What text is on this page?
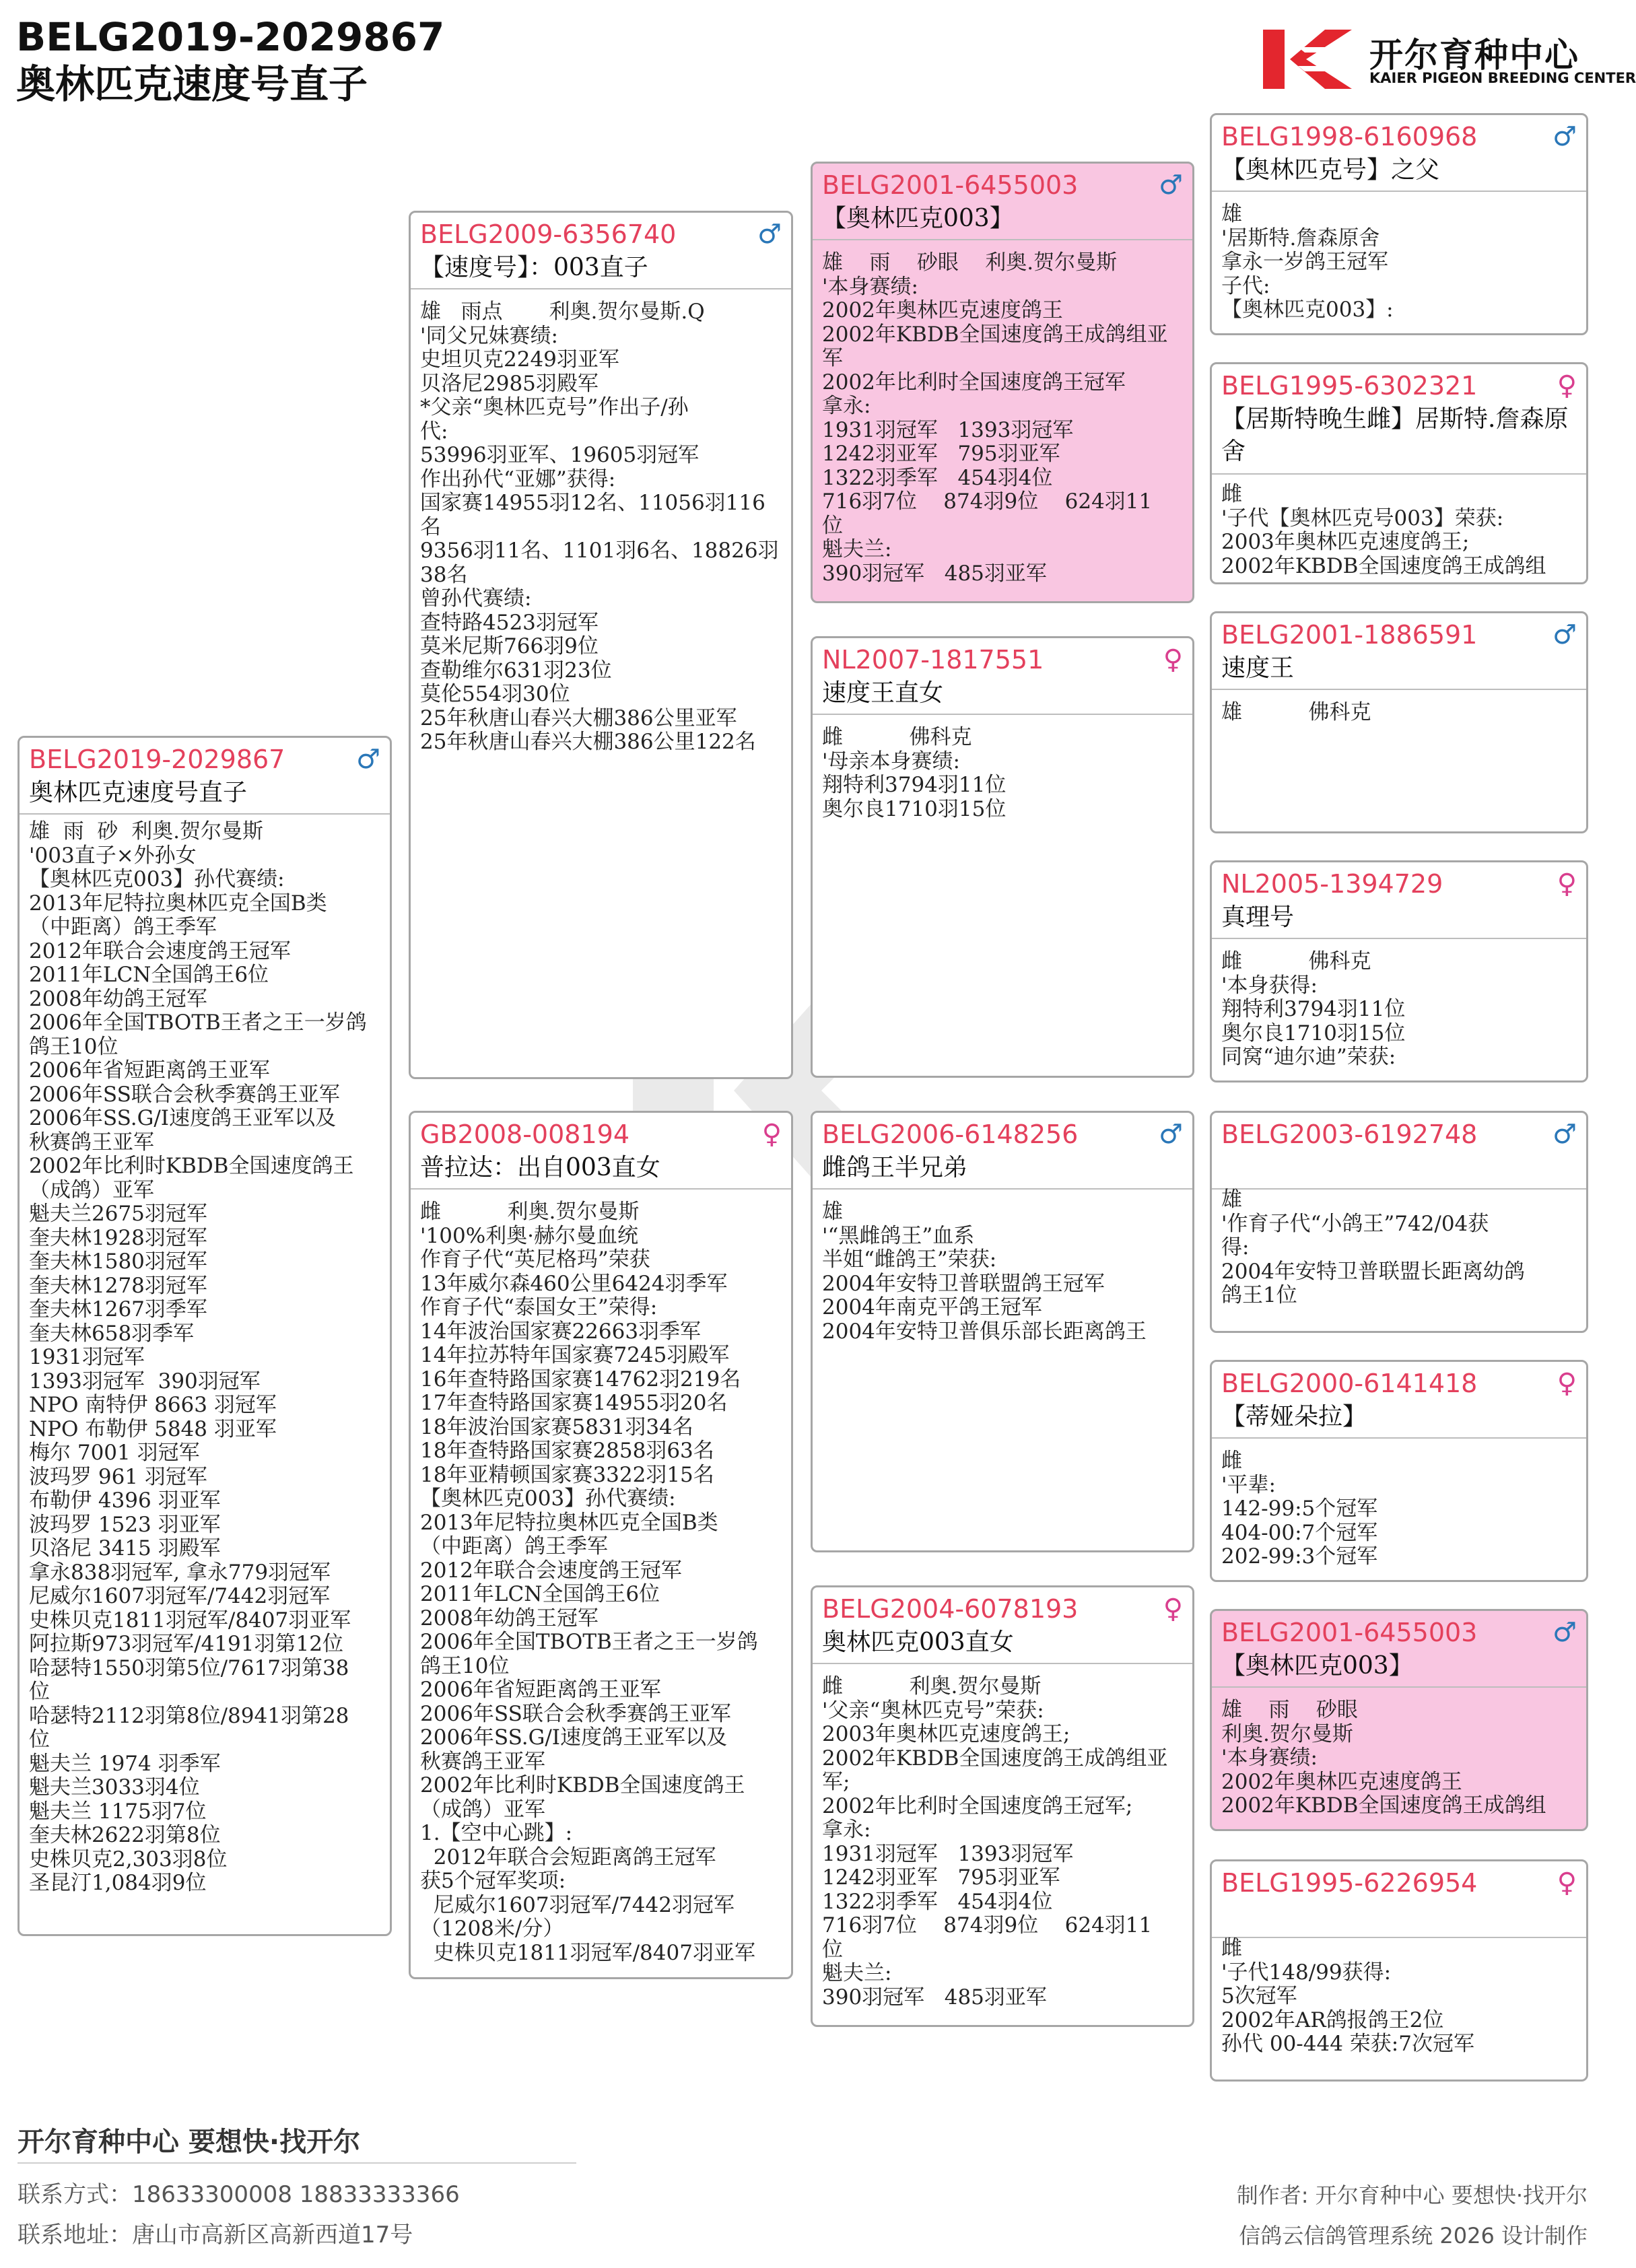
BELG2019-2029867
奥林匹克速度号直子
开尔育种中心
KAIER PIGEON BREEDING CENTER
BELG2019-2029867	♂
奥林匹克速度号直子
雄  雨  砂  利奥.贺尔曼斯
'003直子×外孙女
【奥林匹克003】孙代赛绩:
2013年尼特拉奥林匹克全国B类
（中距离）鸽王季军
2012年联合会速度鸽王冠军
2011年LCN全国鸽王6位
2008年幼鸽王冠军
2006年全国TBOTB王者之王一岁鸽
鸽王10位
2006年省短距离鸽王亚军
2006年SS联合会秋季赛鸽王亚军
2006年SS.G/I速度鸽王亚军以及
秋赛鸽王亚军
2002年比利时KBDB全国速度鸽王
（成鸽）亚军
魁夫兰2675羽冠军
奎夫林1928羽冠军
奎夫林1580羽冠军
奎夫林1278羽冠军
奎夫林1267羽季军
奎夫林658羽季军
1931羽冠军
1393羽冠军  390羽冠军
NPO 南特伊 8663 羽冠军
NPO 布勒伊 5848 羽亚军
梅尔 7001 羽冠军
波玛罗 961 羽冠军
布勒伊 4396 羽亚军
波玛罗 1523 羽亚军
贝洛尼 3415 羽殿军
拿永838羽冠军, 拿永779羽冠军
尼威尔1607羽冠军/7442羽冠军
史株贝克1811羽冠军/8407羽亚军
阿拉斯973羽冠军/4191羽第12位
哈瑟特1550羽第5位/7617羽第38
位
哈瑟特2112羽第8位/8941羽第28
位
魁夫兰 1974 羽季军
魁夫兰3033羽4位
魁夫兰 1175羽7位
奎夫林2622羽第8位
史株贝克2,303羽8位
圣昆汀1,084羽9位
BELG2009-6356740	♂
【速度号】：003直子
雄   雨点       利奥.贺尔曼斯.Q
'同父兄妹赛绩:
史坦贝克2249羽亚军
贝洛尼2985羽殿军
*父亲“奥林匹克号”作出子/孙
代:
53996羽亚军、19605羽冠军
作出孙代“亚娜”获得:
国家赛14955羽12名、11056羽116
名
9356羽11名、1101羽6名、18826羽
38名
曾孙代赛绩:
查特路4523羽冠军
莫米尼斯766羽9位
查勒维尔631羽23位
莫伦554羽30位
25年秋唐山春兴大棚386公里亚军
25年秋唐山春兴大棚386公里122名
GB2008-008194	♀
普拉达：出自003直女
雌          利奥.贺尔曼斯
'100%利奥·赫尔曼血统
作育子代“英尼格玛”荣获
13年威尔森460公里6424羽季军
作育子代“泰国女王”荣得:
14年波治国家赛22663羽季军
14年拉苏特年国家赛7245羽殿军
16年查特路国家赛14762羽219名
17年查特路国家赛14955羽20名
18年波治国家赛5831羽34名
18年查特路国家赛2858羽63名
18年亚精顿国家赛3322羽15名
【奥林匹克003】孙代赛绩:
2013年尼特拉奥林匹克全国B类
（中距离）鸽王季军
2012年联合会速度鸽王冠军
2011年LCN全国鸽王6位
2008年幼鸽王冠军
2006年全国TBOTB王者之王一岁鸽
鸽王10位
2006年省短距离鸽王亚军
2006年SS联合会秋季赛鸽王亚军
2006年SS.G/I速度鸽王亚军以及
秋赛鸽王亚军
2002年比利时KBDB全国速度鸽王
（成鸽）亚军
1.【空中心跳】:
2012年联合会短距离鸽王冠军
获5个冠军奖项:
尼威尔1607羽冠军/7442羽冠军
（1208米/分）
史株贝克1811羽冠军/8407羽亚军
BELG2001-6455003	♂
【奥林匹克003】
雄    雨    砂眼    利奥.贺尔曼斯
'本身赛绩:
2002年奥林匹克速度鸽王
2002年KBDB全国速度鸽王成鸽组亚
军
2002年比利时全国速度鸽王冠军
拿永:
1931羽冠军   1393羽冠军
1242羽亚军   795羽亚军
1322羽季军   454羽4位
716羽7位    874羽9位    624羽11
位
魁夫兰:
390羽冠军   485羽亚军
NL2007-1817551	♀
速度王直女
雌          佛科克
'母亲本身赛绩:
翔特利3794羽11位
奥尔良1710羽15位
BELG2006-6148256	♂
雌鸽王半兄弟
雄
'“黑雌鸽王”血系
半姐“雌鸽王”荣获:
2004年安特卫普联盟鸽王冠军
2004年南克平鸽王冠军
2004年安特卫普俱乐部长距离鸽王
BELG2004-6078193	♀
奥林匹克003直女
雌          利奥.贺尔曼斯
'父亲“奥林匹克号”荣获:
2003年奥林匹克速度鸽王;
2002年KBDB全国速度鸽王成鸽组亚
军;
2002年比利时全国速度鸽王冠军;
拿永:
1931羽冠军   1393羽冠军
1242羽亚军   795羽亚军
1322羽季军   454羽4位
716羽7位    874羽9位    624羽11
位
魁夫兰:
390羽冠军   485羽亚军
BELG1998-6160968	♂
【奥林匹克号】之父
雄
'居斯特.詹森原舍
拿永一岁鸽王冠军
子代:
【奥林匹克003】:
BELG1995-6302321	♀
【居斯特晚生雌】居斯特.詹森原舍
雌
'子代【奥林匹克号003】荣获:
2003年奥林匹克速度鸽王;
2002年KBDB全国速度鸽王成鸽组
BELG2001-1886591	♂
速度王
雄          佛科克
NL2005-1394729	♀
真理号
雌          佛科克
'本身获得:
翔特利3794羽11位
奥尔良1710羽15位
同窝“迪尔迪”荣获:
BELG2003-6192748	♂
雄
'作育子代“小鸽王”742/04获
得:
2004年安特卫普联盟长距离幼鸽
鸽王1位
BELG2000-6141418	♀
【蒂娅朵拉】
雌
'平辈:
142-99:5个冠军
404-00:7个冠军
202-99:3个冠军
BELG2001-6455003	♂
【奥林匹克003】
雄    雨    砂眼
利奥.贺尔曼斯
'本身赛绩:
2002年奥林匹克速度鸽王
2002年KBDB全国速度鸽王成鸽组
BELG1995-6226954	♀
雌
'子代148/99获得:
5次冠军
2002年AR鸽报鸽王2位
孙代 00-444 荣获:7次冠军
开尔育种中心 要想快·找开尔
联系方式：18633300008 18833333366
联系地址：唐山市高新区高新西道17号
制作者: 开尔育种中心 要想快·找开尔
信鸽云信鸽管理系统 2026 设计制作
